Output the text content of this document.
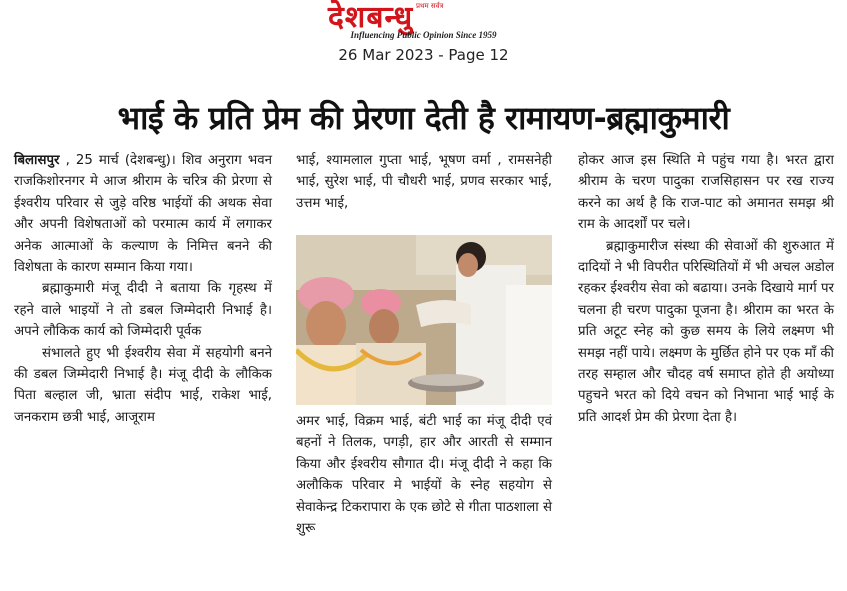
प्रथम सर्वत्र
देशबन्धु
Influencing Public Opinion Since 1959
26 Mar 2023 - Page 12
भाई के प्रति प्रेम की प्रेरणा देती है रामायण-ब्रह्माकुमारी

बिलासपुर , 25 मार्च (देशबन्धु)। शिव अनुराग भवन राजकिशोरनगर मे आज श्रीराम के चरित्र की प्रेरणा से ईश्वरीय परिवार से जुड़े वरिष्ठ भाईयों की अथक सेवा और अपनी विशेषताओं को परमात्म कार्य में लगाकर अनेक आत्माओं के कल्याण के निमित्त बनने की विशेषता के कारण सम्मान किया गया।

ब्रह्माकुमारी मंजू दीदी ने बताया कि गृहस्थ में रहने वाले भाइयों ने तो डबल जिम्मेदारी निभाई है। अपने लौकिक कार्य को जिम्मेदारी पूर्वक

संभालते हुए भी ईश्वरीय सेवा में सहयोगी बनने की डबल जिम्मेदारी निभाई है। मंजू दीदी के लौकिक पिता बल्हाल जी, भ्राता संदीप भाई, राकेश भाई, जनकराम छत्री भाई, आजूराम

भाई, श्यामलाल गुप्ता भाई, भूषण वर्मा , रामसनेही भाई, सुरेश भाई, पी चौधरी भाई, प्रणव सरकार भाई, उत्तम भाई,

अमर भाई, विक्रम भाई, बंटी भाई का मंजू दीदी एवं बहनों ने तिलक, पगड़ी, हार और आरती से सम्मान किया और ईश्वरीय सौगात दी। मंजू दीदी ने कहा कि अलौकिक परिवार मे भाईयों के स्नेह सहयोग से सेवाकेन्द्र टिकरापारा के एक छोटे से गीता पाठशाला से शुरू

होकर आज इस स्थिति मे पहुंच गया है। भरत द्वारा श्रीराम के चरण पादुका राजसिहासन पर रख राज्य करने का अर्थ है कि राज-पाट को अमानत समझ श्री राम के आदर्शों पर चले।

ब्रह्माकुमारीज संस्था की सेवाओं की शुरुआत में दादियों ने भी विपरीत परिस्थितियों में भी अचल अडोल रहकर ईश्वरीय सेवा को बढाया। उनके दिखाये मार्ग पर चलना ही चरण पादुका पूजना है। श्रीराम का भरत के प्रति अटूट स्नेह को कुछ समय के लिये लक्ष्मण भी समझ नहीं पाये। लक्ष्मण के मुर्छित होने पर एक माँ की तरह सम्हाल और चौदह वर्ष समाप्त होते ही अयोध्या पहुचने भरत को दिये वचन को निभाना भाई भाई के प्रति आदर्श प्रेम की प्रेरणा देता है।
